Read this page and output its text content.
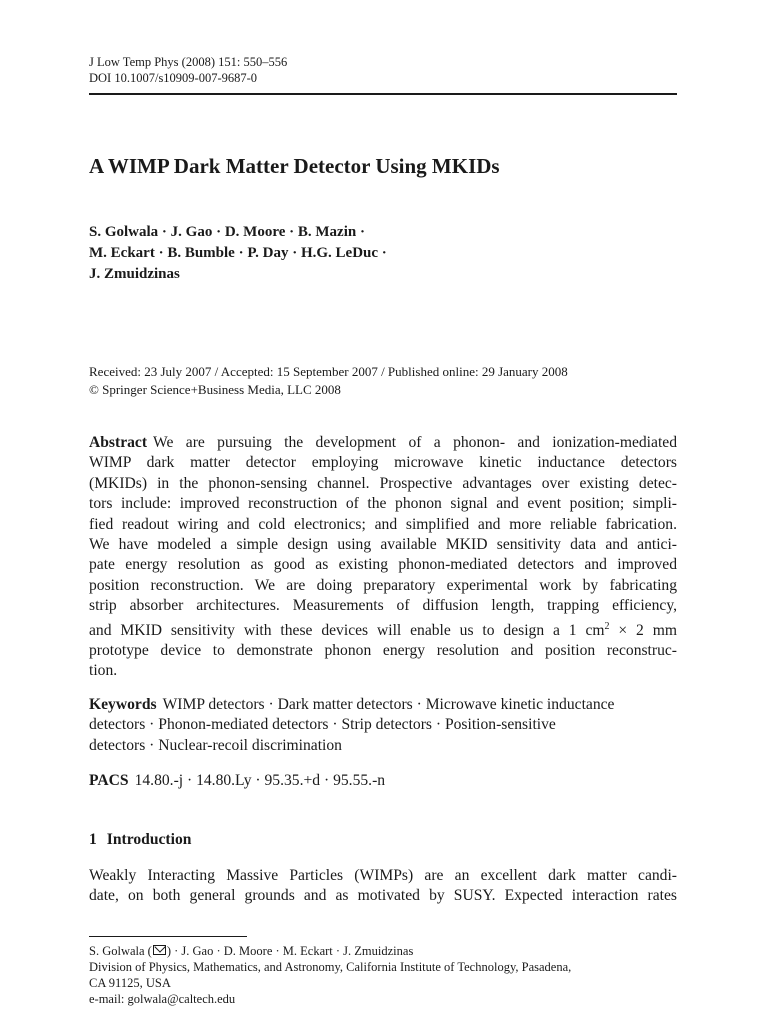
J Low Temp Phys (2008) 151: 550–556
DOI 10.1007/s10909-007-9687-0
A WIMP Dark Matter Detector Using MKIDs
S. Golwala · J. Gao · D. Moore · B. Mazin ·
M. Eckart · B. Bumble · P. Day · H.G. LeDuc ·
J. Zmuidzinas
Received: 23 July 2007 / Accepted: 15 September 2007 / Published online: 29 January 2008
© Springer Science+Business Media, LLC 2008
Abstract We are pursuing the development of a phonon- and ionization-mediated
WIMP dark matter detector employing microwave kinetic inductance detectors
(MKIDs) in the phonon-sensing channel. Prospective advantages over existing detec-
tors include: improved reconstruction of the phonon signal and event position; simpli-
fied readout wiring and cold electronics; and simplified and more reliable fabrication.
We have modeled a simple design using available MKID sensitivity data and antici-
pate energy resolution as good as existing phonon-mediated detectors and improved
position reconstruction. We are doing preparatory experimental work by fabricating
strip absorber architectures. Measurements of diffusion length, trapping efficiency,
and MKID sensitivity with these devices will enable us to design a 1 $cm^2 \times 2$ mm
prototype device to demonstrate phonon energy resolution and position reconstruc-
tion.
Keywords WIMP detectors · Dark matter detectors · Microwave kinetic inductance
detectors · Phonon-mediated detectors · Strip detectors · Position-sensitive
detectors · Nuclear-recoil discrimination
PACS 14.80.-j · 14.80.Ly · 95.35.+d · 95.55.-n
1 Introduction
Weakly Interacting Massive Particles (WIMPs) are an excellent dark matter candi-
date, on both general grounds and as motivated by SUSY. Expected interaction rates
S. Golwala ( ) · J. Gao · D. Moore · M. Eckart · J. Zmuidzinas
Division of Physics, Mathematics, and Astronomy, California Institute of Technology, Pasadena,
CA 91125, USA
e-mail: golwala@caltech.edu
